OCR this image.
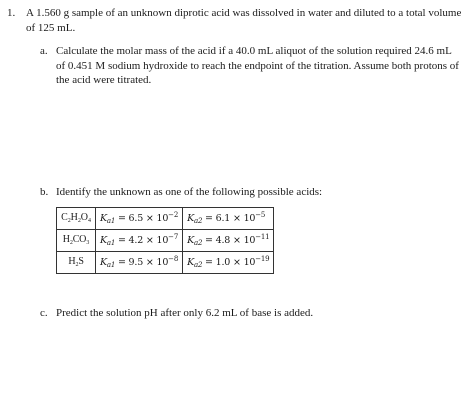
1. A 1.560 g sample of an unknown diprotic acid was dissolved in water and diluted to a total volume of 125 mL.
a. Calculate the molar mass of the acid if a 40.0 mL aliquot of the solution required 24.6 mL of 0.451 M sodium hydroxide to reach the endpoint of the titration. Assume both protons of the acid were titrated.
b. Identify the unknown as one of the following possible acids:
C₂H₂O₄	$K_{a1} = 6.5 \times 10^{-2}$	$K_{a2} = 6.1 \times 10^{-5}$
H₂CO₃	$K_{a1} = 4.2 \times 10^{-7}$	$K_{a2} = 4.8 \times 10^{-11}$
H₂S	$K_{a1} = 9.5 \times 10^{-8}$	$K_{a2} = 1.0 \times 10^{-19}$
c. Predict the solution pH after only 6.2 mL of base is added.
